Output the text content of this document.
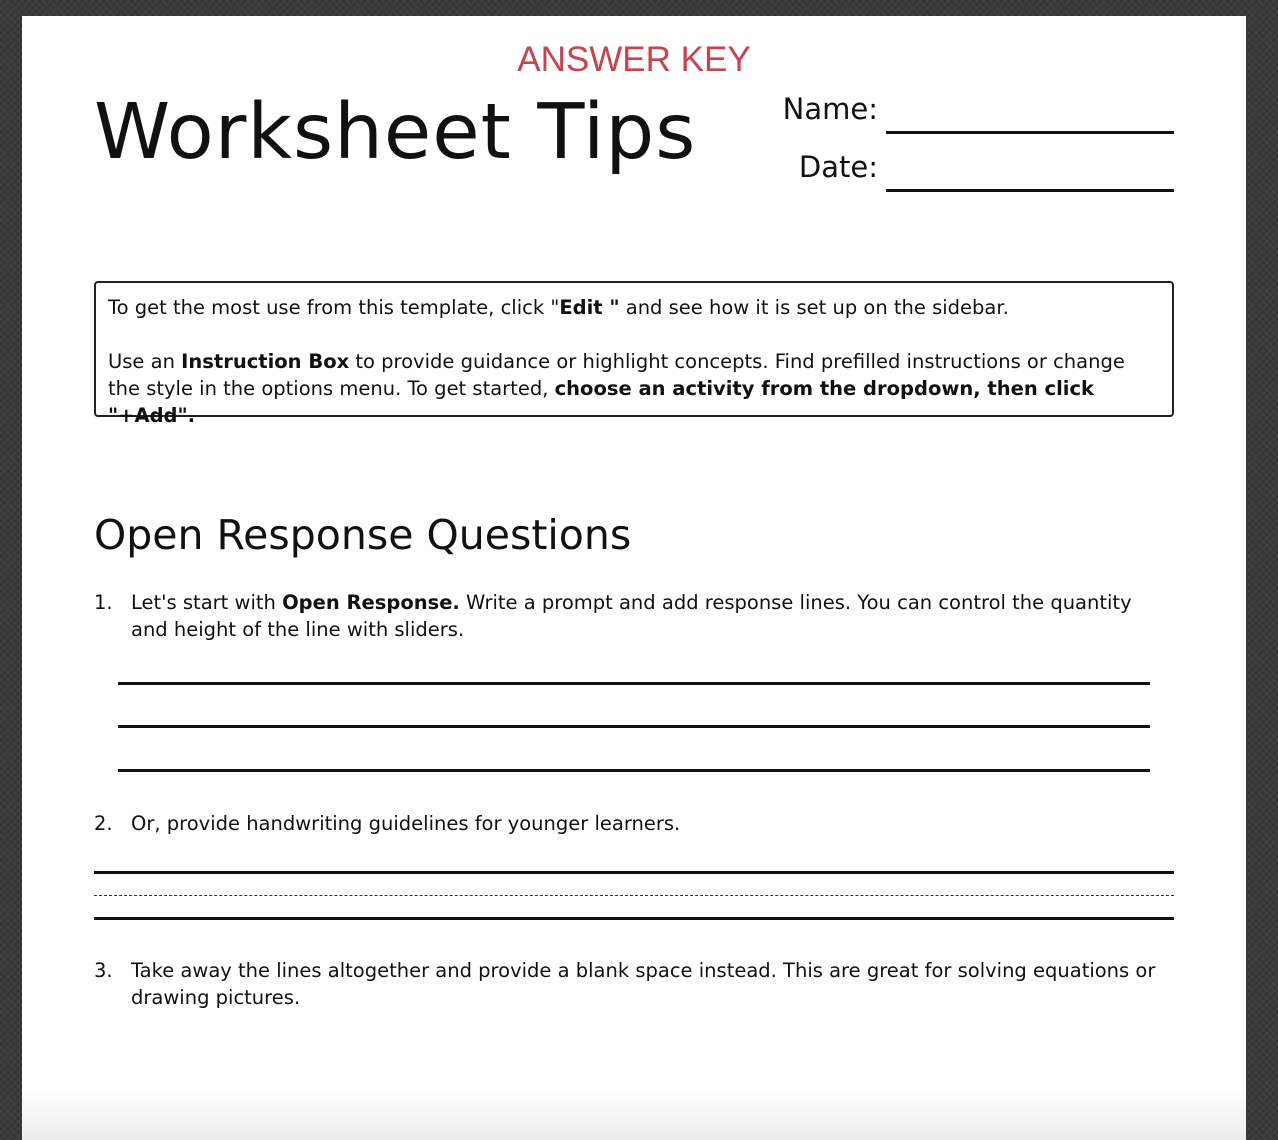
ANSWER KEY
Worksheet Tips	Name:
Date:

To get the most use from this template, click "Edit " and see how it is set up on the sidebar.

Use an Instruction Box to provide guidance or highlight concepts. Find prefilled instructions or change the style in the options menu. To get started, choose an activity from the dropdown, then click "+Add".

Open Response Questions
1. Let's start with Open Response. Write a prompt and add response lines. You can control the quantity and height of the line with sliders.
2. Or, provide handwriting guidelines for younger learners.
3. Take away the lines altogether and provide a blank space instead. This are great for solving equations or drawing pictures.
